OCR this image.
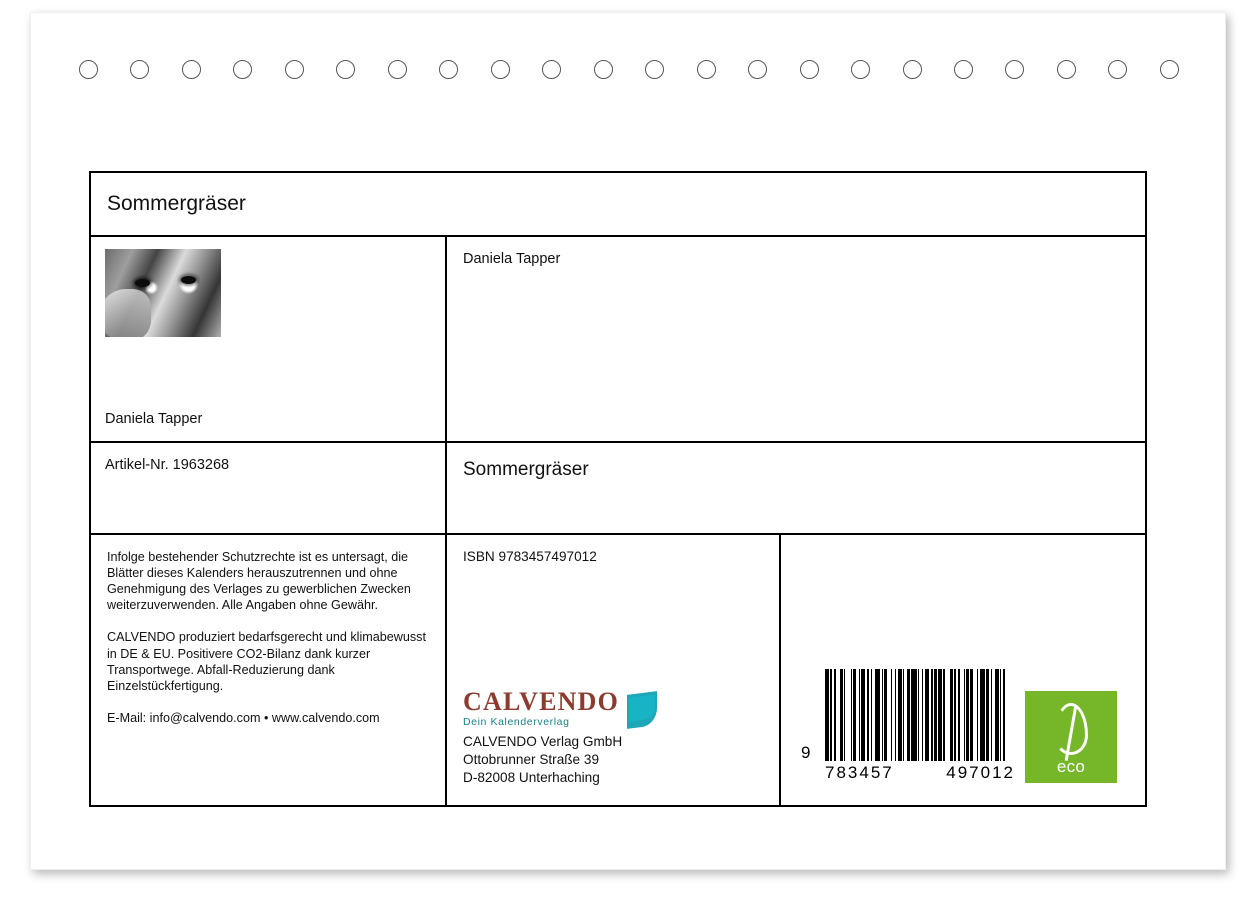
Sommergräser
Daniela Tapper
Daniela Tapper
Artikel-Nr. 1963268	Sommergräser

Infolge bestehender Schutzrechte ist es untersagt, die Blätter dieses Kalenders herauszutrennen und ohne Genehmigung des Verlages zu gewerblichen Zwecken weiterzuverwenden. Alle Angaben ohne Gewähr.

CALVENDO produziert bedarfsgerecht und klimabewusst in DE & EU. Positivere CO2-Bilanz dank kurzer Transportwege. Abfall-Reduzierung dank Einzelstückfertigung.

E-Mail: info@calvendo.com • www.calvendo.com

ISBN 9783457497012
CALVENDO
Dein Kalenderverlag
CALVENDO Verlag GmbH
Ottobrunner Straße 39
D-82008 Unterhaching
9
783457	497012 eco
